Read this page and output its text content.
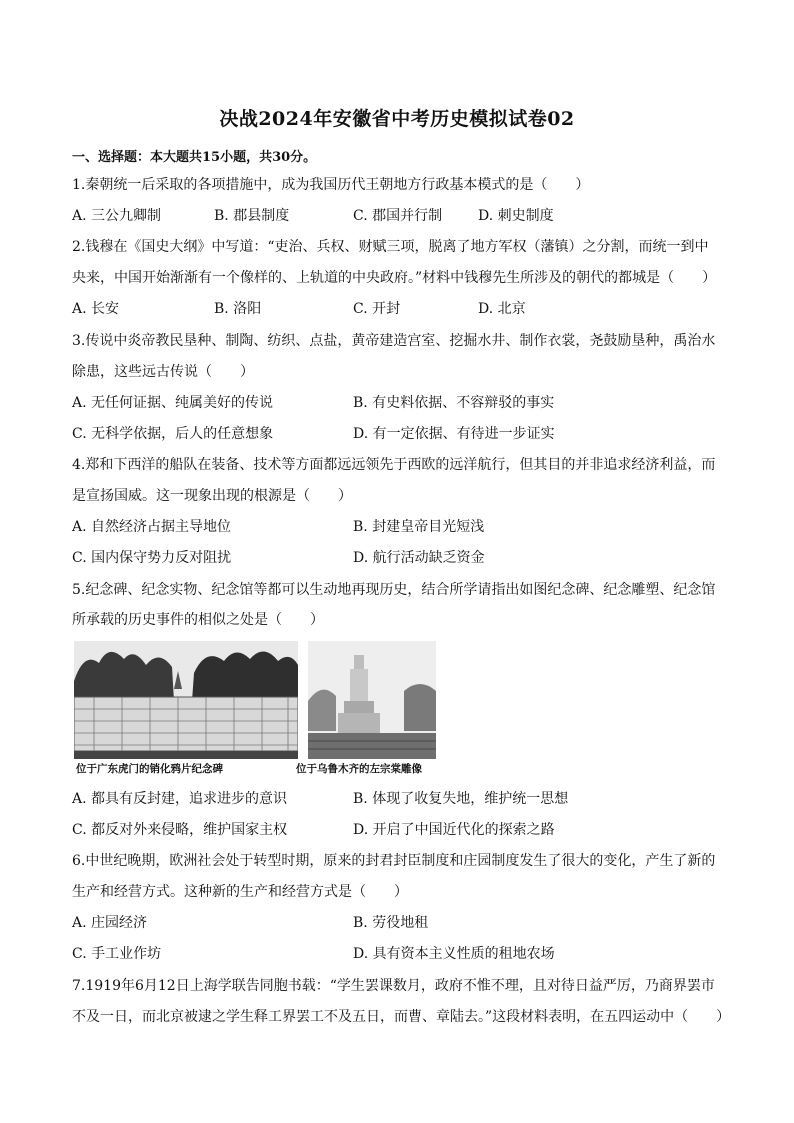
决战2024年安徽省中考历史模拟试卷02
一、选择题：本大题共15小题，共30分。
1.秦朝统一后采取的各项措施中，成为我国历代王朝地方行政基本模式的是（　　）
A. 三公九卿制	B. 郡县制度	C. 郡国并行制	D. 刺史制度
2.钱穆在《国史大纲》中写道：“吏治、兵权、财赋三项，脱离了地方军权（藩镇）之分割，而统一到中
央来，中国开始渐渐有一个像样的、上轨道的中央政府。”材料中钱穆先生所涉及的朝代的都城是（　　）
A. 长安	B. 洛阳	C. 开封	D. 北京
3.传说中炎帝教民垦种、制陶、纺织、点盐，黄帝建造宫室、挖掘水井、制作衣裳，尧鼓励垦种，禹治水
除患，这些远古传说（　　）
A. 无任何证据、纯属美好的传说	B. 有史料依据、不容辩驳的事实
C. 无科学依据，后人的任意想象	D. 有一定依据、有待进一步证实
4.郑和下西洋的船队在装备、技术等方面都远远领先于西欧的远洋航行，但其目的并非追求经济利益，而
是宣扬国威。这一现象出现的根源是（　　）
A. 自然经济占据主导地位	B. 封建皇帝目光短浅
C. 国内保守势力反对阻扰	D. 航行活动缺乏资金
5.纪念碑、纪念实物、纪念馆等都可以生动地再现历史，结合所学请指出如图纪念碑、纪念雕塑、纪念馆
所承载的历史事件的相似之处是（　　）
位于广东虎门的销化鸦片纪念碑	位于乌鲁木齐的左宗棠雕像
A. 都具有反封建，追求进步的意识	B. 体现了收复失地，维护统一思想
C. 都反对外来侵略，维护国家主权	D. 开启了中国近代化的探索之路
6.中世纪晚期，欧洲社会处于转型时期，原来的封君封臣制度和庄园制度发生了很大的变化，产生了新的
生产和经营方式。这种新的生产和经营方式是（　　）
A. 庄园经济	B. 劳役地租
C. 手工业作坊	D. 具有资本主义性质的租地农场
7.1919年6月12日上海学联告同胞书载：“学生罢课数月，政府不惟不理，且对待日益严厉，乃商界罢市
不及一日，而北京被逮之学生释工界罢工不及五日，而曹、章陆去。”这段材料表明，在五四运动中（　　）
